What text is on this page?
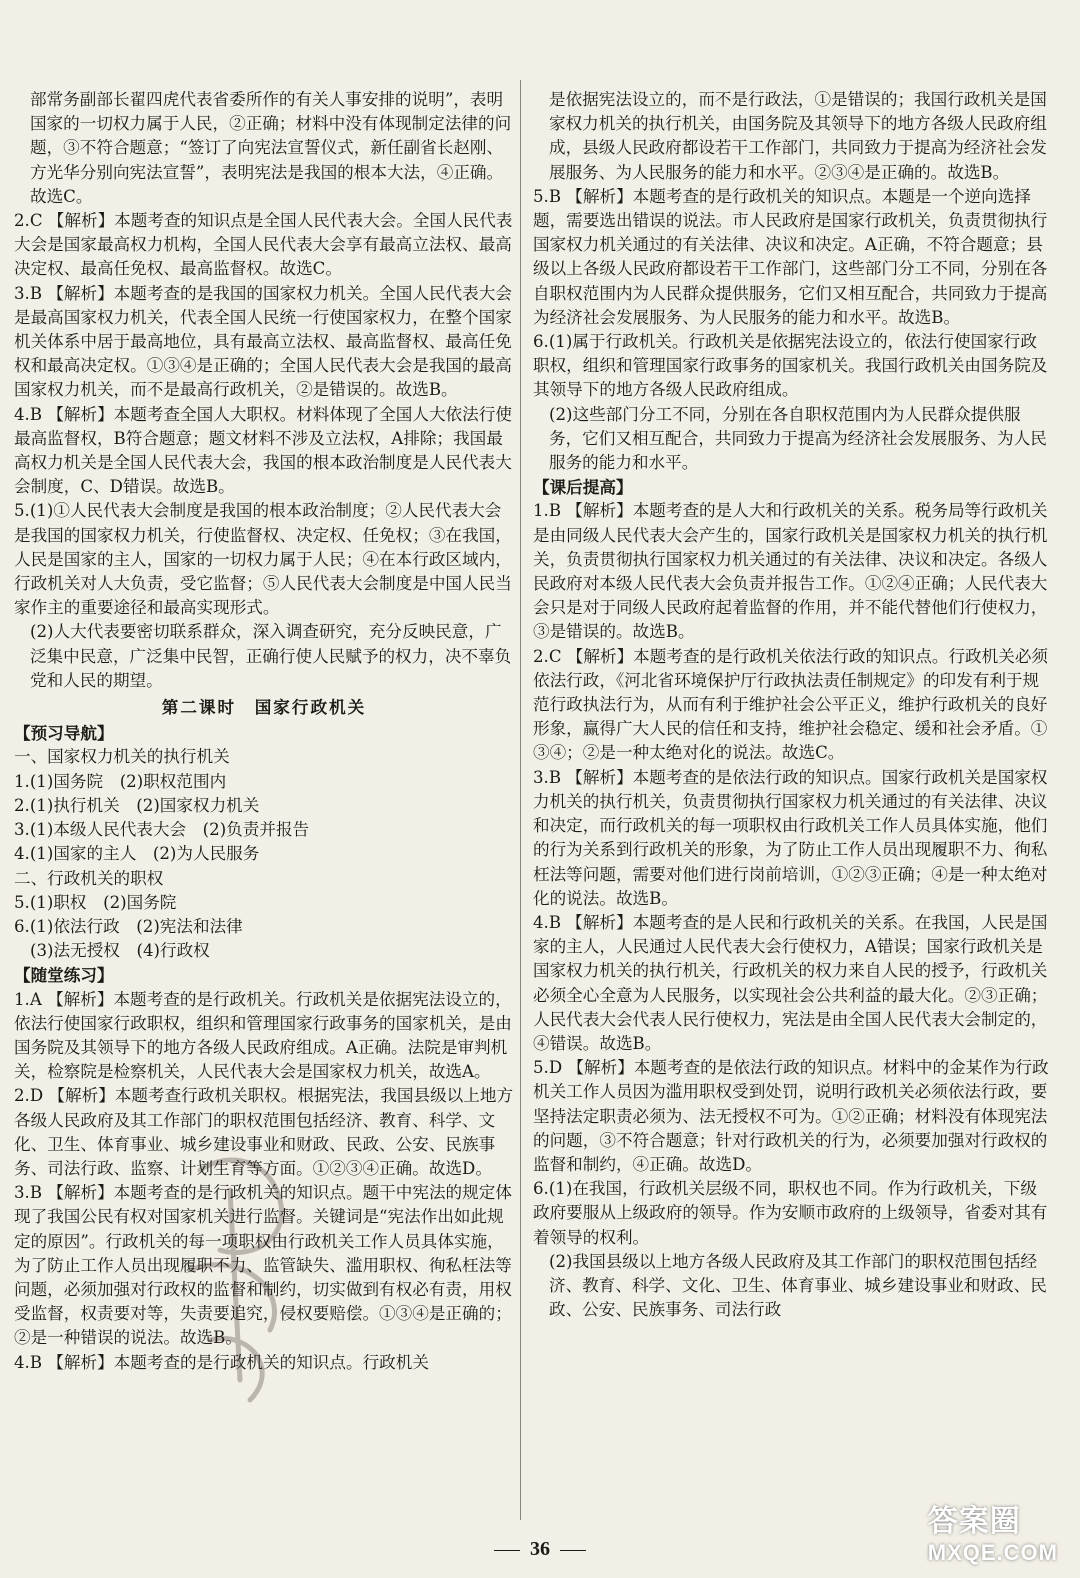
部常务副部长翟四虎代表省委所作的有关人事安排的说明”，表明国家的一切权力属于人民，②正确；材料中没有体现制定法律的问题，③不符合题意；“签订了向宪法宣誓仪式，新任副省长赵刚、方光华分别向宪法宣誓”，表明宪法是我国的根本大法，④正确。故选C。

2.C 【解析】本题考查的知识点是全国人民代表大会。全国人民代表大会是国家最高权力机构，全国人民代表大会享有最高立法权、最高决定权、最高任免权、最高监督权。故选C。

3.B 【解析】本题考查的是我国的国家权力机关。全国人民代表大会是最高国家权力机关，代表全国人民统一行使国家权力，在整个国家机关体系中居于最高地位，具有最高立法权、最高监督权、最高任免权和最高决定权。①③④是正确的；全国人民代表大会是我国的最高国家权力机关，而不是最高行政机关，②是错误的。故选B。

4.B 【解析】本题考查全国人大职权。材料体现了全国人大依法行使最高监督权，B符合题意；题文材料不涉及立法权，A排除；我国最高权力机关是全国人民代表大会，我国的根本政治制度是人民代表大会制度，C、D错误。故选B。

5.(1)①人民代表大会制度是我国的根本政治制度；②人民代表大会是我国的国家权力机关，行使监督权、决定权、任免权；③在我国，人民是国家的主人，国家的一切权力属于人民；④在本行政区域内，行政机关对人大负责，受它监督；⑤人民代表大会制度是中国人民当家作主的重要途径和最高实现形式。

(2)人大代表要密切联系群众，深入调查研究，充分反映民意，广泛集中民意，广泛集中民智，正确行使人民赋予的权力，决不辜负党和人民的期望。

第二课时　国家行政机关

【预习导航】

一、国家权力机关的执行机关

1.(1)国务院　(2)职权范围内

2.(1)执行机关　(2)国家权力机关

3.(1)本级人民代表大会　(2)负责并报告

4.(1)国家的主人　(2)为人民服务

二、行政机关的职权

5.(1)职权　(2)国务院

6.(1)依法行政　(2)宪法和法律

(3)法无授权　(4)行政权

【随堂练习】

1.A 【解析】本题考查的是行政机关。行政机关是依据宪法设立的，依法行使国家行政职权，组织和管理国家行政事务的国家机关，是由国务院及其领导下的地方各级人民政府组成。A正确。法院是审判机关，检察院是检察机关，人民代表大会是国家权力机关，故选A。

2.D 【解析】本题考查行政机关职权。根据宪法，我国县级以上地方各级人民政府及其工作部门的职权范围包括经济、教育、科学、文化、卫生、体育事业、城乡建设事业和财政、民政、公安、民族事务、司法行政、监察、计划生育等方面。①②③④正确。故选D。

3.B 【解析】本题考查的是行政机关的知识点。题干中宪法的规定体现了我国公民有权对国家机关进行监督。关键词是“宪法作出如此规定的原因”。行政机关的每一项职权由行政机关工作人员具体实施，为了防止工作人员出现履职不力、监管缺失、滥用职权、徇私枉法等问题，必须加强对行政权的监督和制约，切实做到有权必有责，用权受监督，权责要对等，失责要追究，侵权要赔偿。①③④是正确的；②是一种错误的说法。故选B。

4.B 【解析】本题考查的是行政机关的知识点。行政机关

是依据宪法设立的，而不是行政法，①是错误的；我国行政机关是国家权力机关的执行机关，由国务院及其领导下的地方各级人民政府组成，县级人民政府都设若干工作部门，共同致力于提高为经济社会发展服务、为人民服务的能力和水平。②③④是正确的。故选B。

5.B 【解析】本题考查的是行政机关的知识点。本题是一个逆向选择题，需要选出错误的说法。市人民政府是国家行政机关，负责贯彻执行国家权力机关通过的有关法律、决议和决定。A正确，不符合题意；县级以上各级人民政府都设若干工作部门，这些部门分工不同，分别在各自职权范围内为人民群众提供服务，它们又相互配合，共同致力于提高为经济社会发展服务、为人民服务的能力和水平。故选B。

6.(1)属于行政机关。行政机关是依据宪法设立的，依法行使国家行政职权，组织和管理国家行政事务的国家机关。我国行政机关由国务院及其领导下的地方各级人民政府组成。

(2)这些部门分工不同，分别在各自职权范围内为人民群众提供服务，它们又相互配合，共同致力于提高为经济社会发展服务、为人民服务的能力和水平。

【课后提高】

1.B 【解析】本题考查的是人大和行政机关的关系。税务局等行政机关是由同级人民代表大会产生的，国家行政机关是国家权力机关的执行机关，负责贯彻执行国家权力机关通过的有关法律、决议和决定。各级人民政府对本级人民代表大会负责并报告工作。①②④正确；人民代表大会只是对于同级人民政府起着监督的作用，并不能代替他们行使权力，③是错误的。故选B。

2.C 【解析】本题考查的是行政机关依法行政的知识点。行政机关必须依法行政，《河北省环境保护厅行政执法责任制规定》的印发有利于规范行政执法行为，从而有利于维护社会公平正义，维护行政机关的良好形象，赢得广大人民的信任和支持，维护社会稳定、缓和社会矛盾。①③④；②是一种太绝对化的说法。故选C。

3.B 【解析】本题考查的是依法行政的知识点。国家行政机关是国家权力机关的执行机关，负责贯彻执行国家权力机关通过的有关法律、决议和决定，而行政机关的每一项职权由行政机关工作人员具体实施，他们的行为关系到行政机关的形象，为了防止工作人员出现履职不力、徇私枉法等问题，需要对他们进行岗前培训，①②③正确；④是一种太绝对化的说法。故选B。

4.B 【解析】本题考查的是人民和行政机关的关系。在我国，人民是国家的主人，人民通过人民代表大会行使权力，A错误；国家行政机关是国家权力机关的执行机关，行政机关的权力来自人民的授予，行政机关必须全心全意为人民服务，以实现社会公共利益的最大化。②③正确；人民代表大会代表人民行使权力，宪法是由全国人民代表大会制定的，④错误。故选B。

5.D 【解析】本题考查的是依法行政的知识点。材料中的金某作为行政机关工作人员因为滥用职权受到处罚，说明行政机关必须依法行政，要坚持法定职责必须为、法无授权不可为。①②正确；材料没有体现宪法的问题，③不符合题意；针对行政机关的行为，必须要加强对行政权的监督和制约，④正确。故选D。

6.(1)在我国，行政机关层级不同，职权也不同。作为行政机关，下级政府要服从上级政府的领导。作为安顺市政府的上级领导，省委对其有着领导的权利。

(2)我国县级以上地方各级人民政府及其工作部门的职权范围包括经济、教育、科学、文化、卫生、体育事业、城乡建设事业和财政、民政、公安、民族事务、司法行政

36
答案圈
MXQE.COM
